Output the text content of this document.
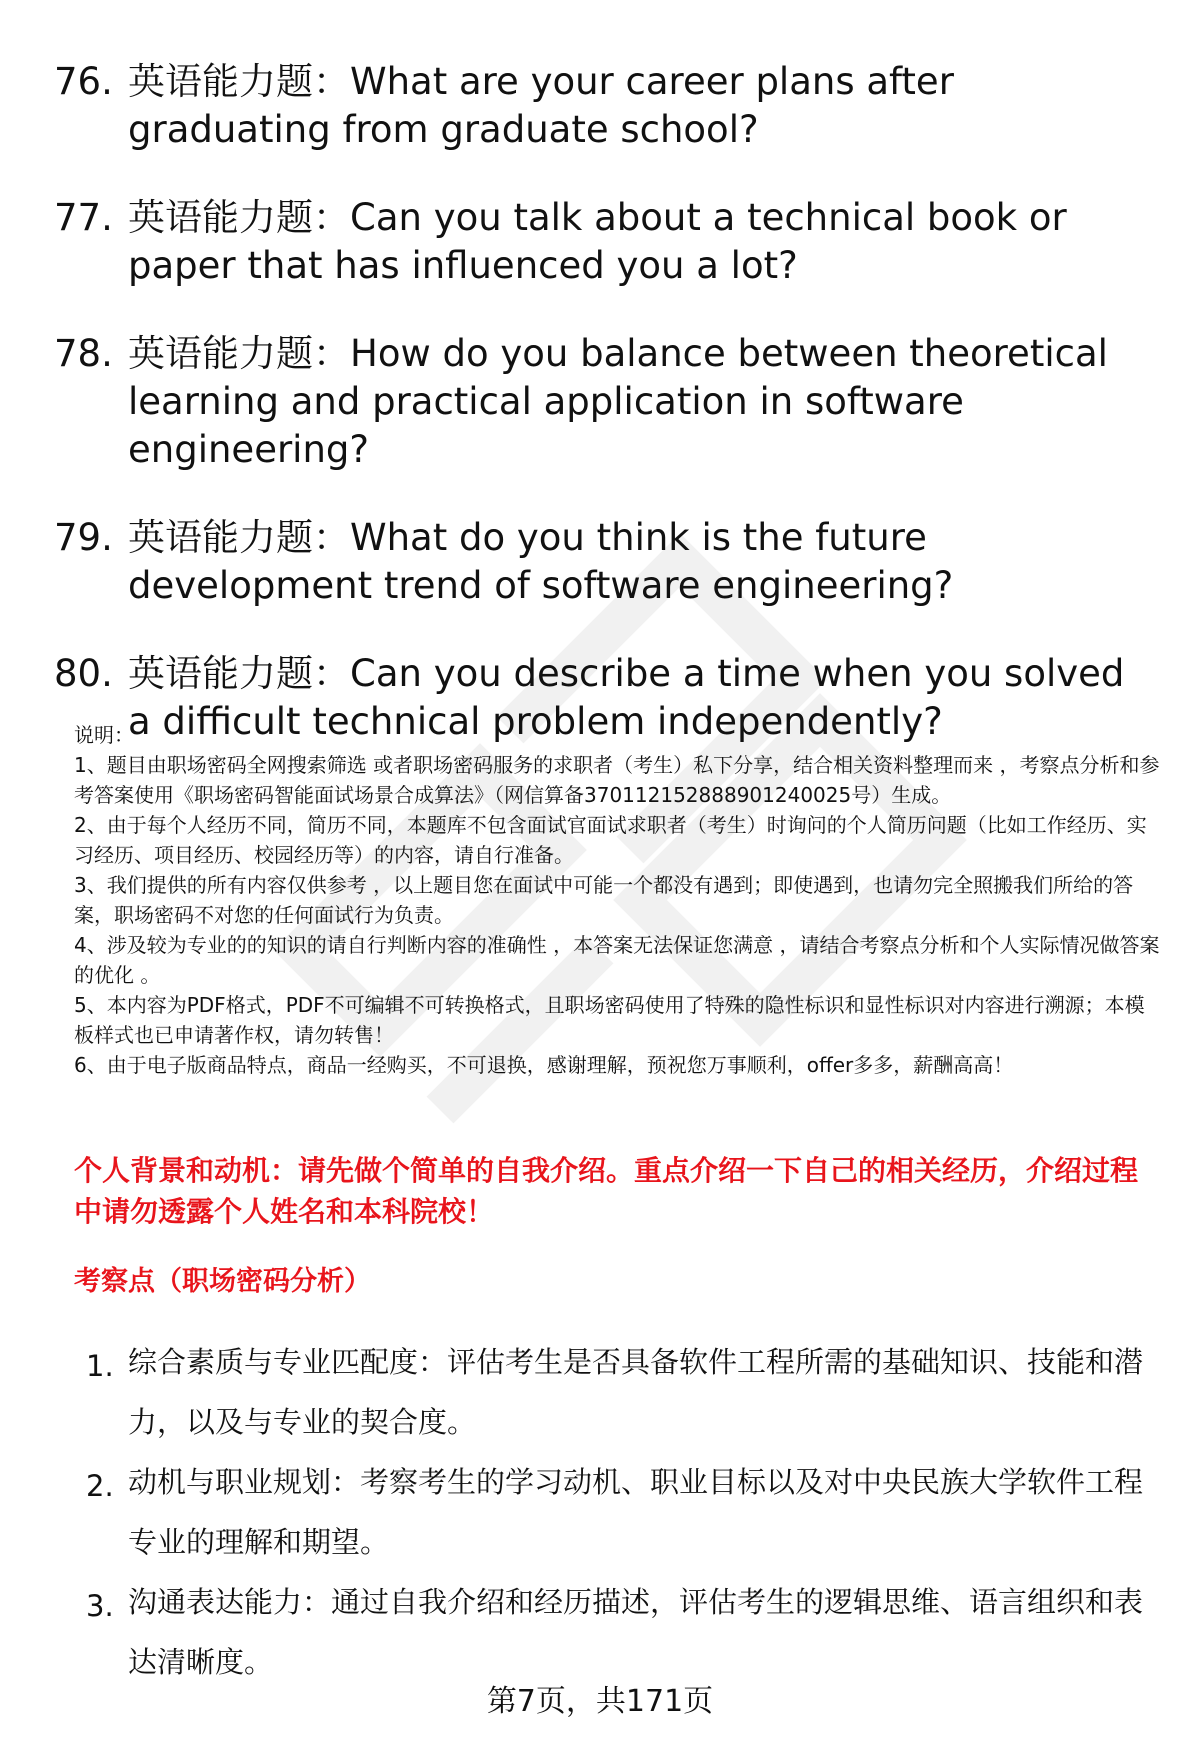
76. 英语能力题：What are your career plans after graduating from graduate school?
77. 英语能力题：Can you talk about a technical book or paper that has influenced you a lot?
78. 英语能力题：How do you balance between theoretical learning and practical application in software engineering?
79. 英语能力题：What do you think is the future development trend of software engineering?
80. 英语能力题：Can you describe a time when you solved a difficult technical problem independently?

说明：

1、题目由职场密码全网搜索筛选 或者职场密码服务的求职者（考生）私下分享，结合相关资料整理而来 ，考察点分析和参考答案使用《职场密码智能面试场景合成算法》（网信算备370112152888901240025号）生成。

2、由于每个人经历不同，简历不同，本题库不包含面试官面试求职者（考生）时询问的个人简历问题（比如工作经历、实习经历、项目经历、校园经历等）的内容，请自行准备。

3、我们提供的所有内容仅供参考 ，以上题目您在面试中可能一个都没有遇到；即使遇到，也请勿完全照搬我们所给的答案，职场密码不对您的任何面试行为负责。

4、涉及较为专业的的知识的请自行判断内容的准确性 ，本答案无法保证您满意 ，请结合考察点分析和个人实际情况做答案的优化 。

5、本内容为PDF格式，PDF不可编辑不可转换格式，且职场密码使用了特殊的隐性标识和显性标识对内容进行溯源；本模板样式也已申请著作权，请勿转售！

6、由于电子版商品特点，商品一经购买，不可退换，感谢理解，预祝您万事顺利，offer多多，薪酬高高！

个人背景和动机：请先做个简单的自我介绍。重点介绍一下自己的相关经历，介绍过程中请勿透露个人姓名和本科院校！
考察点（职场密码分析）
1. 综合素质与专业匹配度：评估考生是否具备软件工程所需的基础知识、技能和潜力，以及与专业的契合度。
2. 动机与职业规划：考察考生的学习动机、职业目标以及对中央民族大学软件工程专业的理解和期望。
3. 沟通表达能力：通过自我介绍和经历描述，评估考生的逻辑思维、语言组织和表达清晰度。
第7页，共171页
